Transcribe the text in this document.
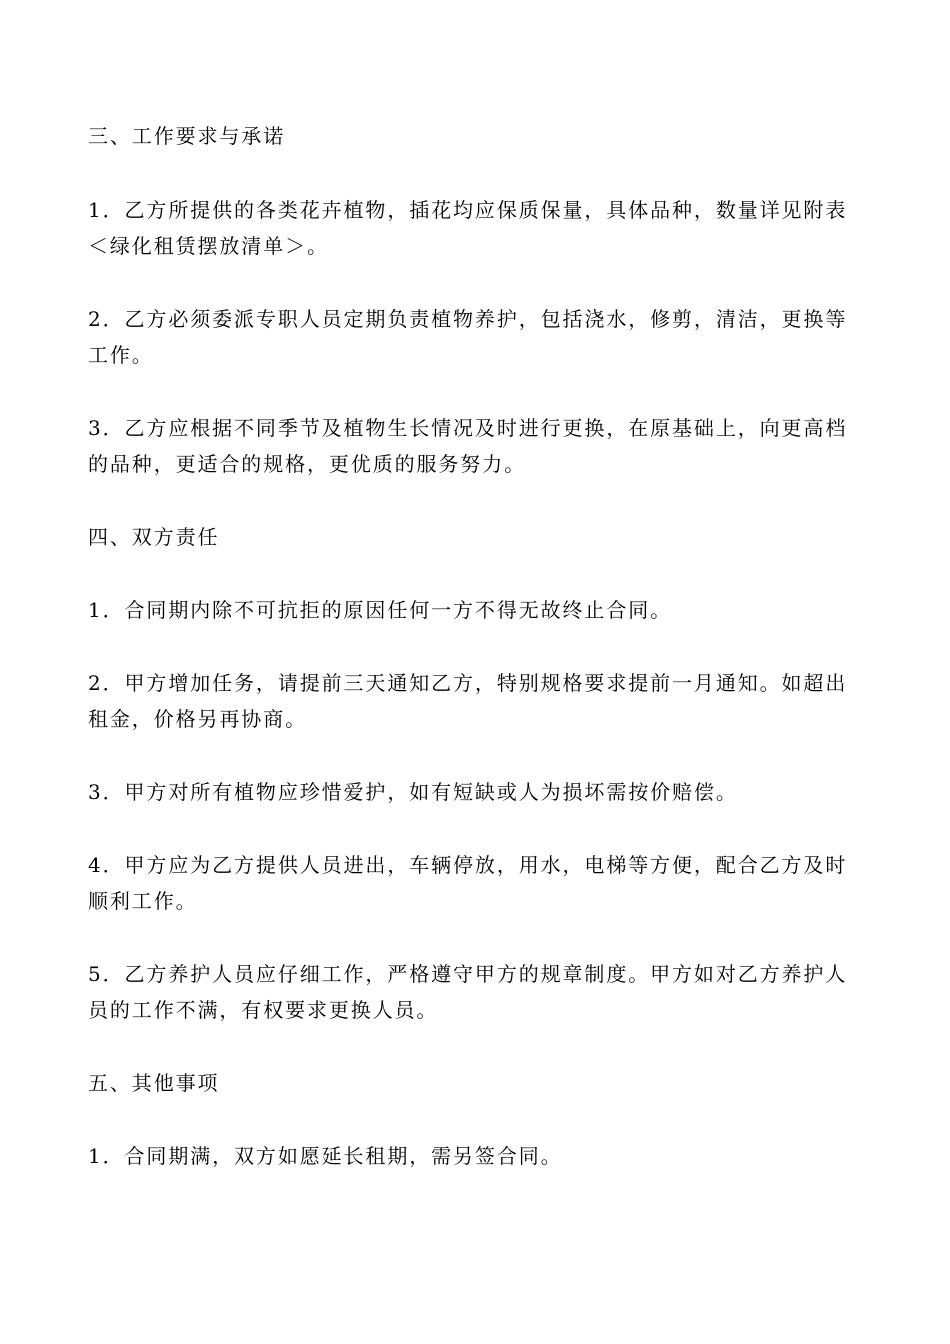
三、工作要求与承诺

1．乙方所提供的各类花卉植物，插花均应保质保量，具体品种，数量详见附表＜绿化租赁摆放清单＞。

2．乙方必须委派专职人员定期负责植物养护，包括浇水，修剪，清洁，更换等工作。

3．乙方应根据不同季节及植物生长情况及时进行更换，在原基础上，向更高档的品种，更适合的规格，更优质的服务努力。

四、双方责任

1．合同期内除不可抗拒的原因任何一方不得无故终止合同。

2．甲方增加任务，请提前三天通知乙方，特别规格要求提前一月通知。如超出租金，价格另再协商。

3．甲方对所有植物应珍惜爱护，如有短缺或人为损坏需按价赔偿。

4．甲方应为乙方提供人员进出，车辆停放，用水，电梯等方便，配合乙方及时顺利工作。

5．乙方养护人员应仔细工作，严格遵守甲方的规章制度。甲方如对乙方养护人员的工作不满，有权要求更换人员。

五、其他事项

1．合同期满，双方如愿延长租期，需另签合同。
